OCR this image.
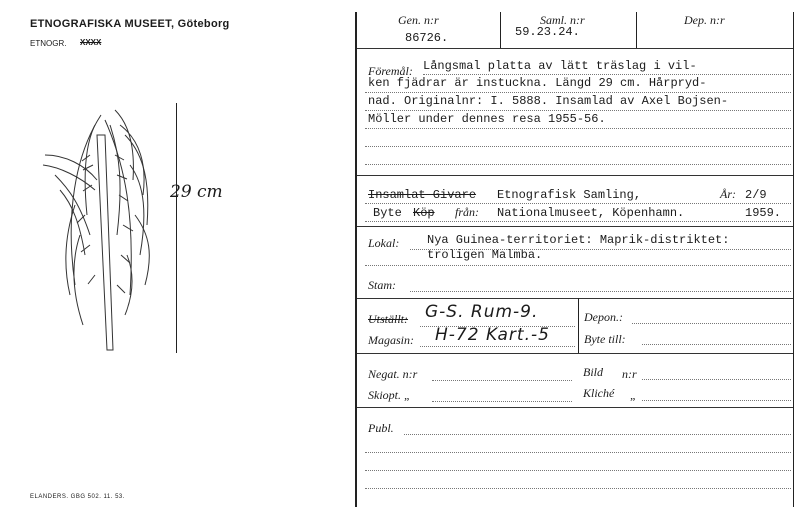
ETNOGRAFISKA MUSEET, Göteborg
ETNOGR. XXXX
29 cm
ELANDERS. GBG 502. 11. 53.
Gen. n:r
86726.
Saml. n:r
59.23.24.
Dep. n:r
Föremål: Långsmal platta av lätt träslag i vil-
ken fjädrar är instuckna. Längd 29 cm. Hårpryd-
nad. Originalnr: I. 5888. Insamlad av Axel Bojsen-
Möller under dennes resa 1955-56.
Insamlat Givare Etnografisk Samling,	År: 2/9
Byte Köp från: Nationalmuseet, Köpenhamn.	1959.
Lokal: Nya Guinea-territoriet: Maprik-distriktet:
troligen Malmba.
Stam:
Utställt: G-S. Rum-9.
Magasin: H-72 Kart.-5
Depon.:
Byte till:
Negat. n:r	Bild n:r
Skiopt. „	Kliché „
Publ.
